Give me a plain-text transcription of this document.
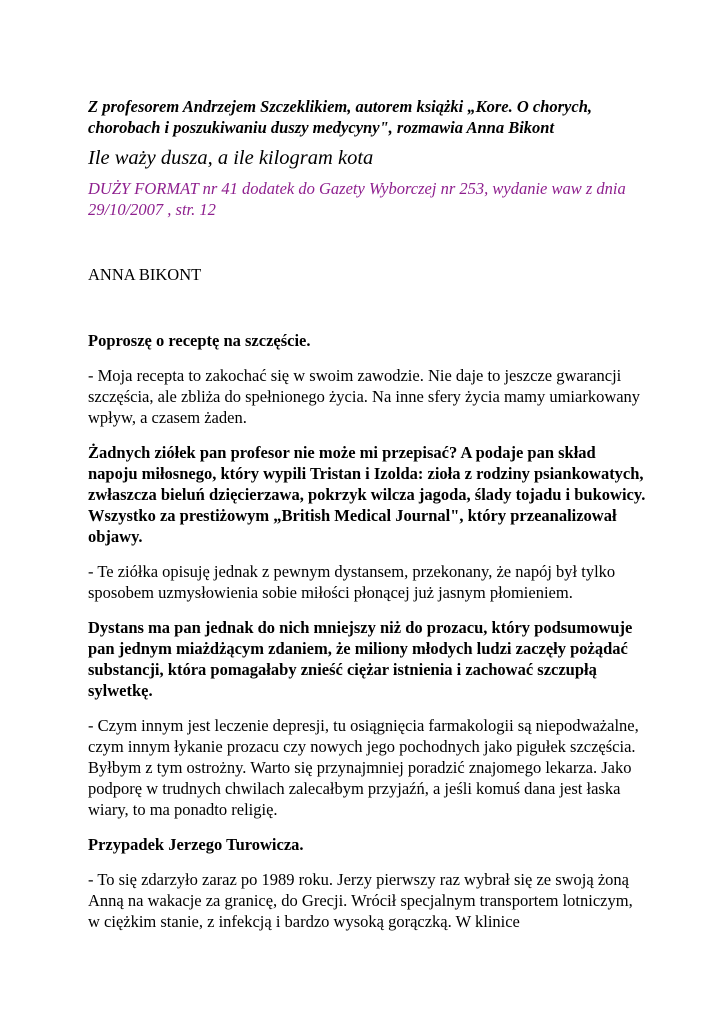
Z profesorem Andrzejem Szczeklikiem, autorem książki „Kore. O chorych, chorobach i poszukiwaniu duszy medycyny", rozmawia Anna Bikont

Ile waży dusza, a ile kilogram kota

DUŻY FORMAT nr 41 dodatek do Gazety Wyborczej nr 253, wydanie waw z dnia 29/10/2007 , str. 12

ANNA BIKONT

Poproszę o receptę na szczęście.

- Moja recepta to zakochać się w swoim zawodzie. Nie daje to jeszcze gwarancji szczęścia, ale zbliża do spełnionego życia. Na inne sfery życia mamy umiarkowany wpływ, a czasem żaden.

Żadnych ziółek pan profesor nie może mi przepisać? A podaje pan skład napoju miłosnego, który wypili Tristan i Izolda: zioła z rodziny psiankowatych, zwłaszcza bieluń dzięcierzawa, pokrzyk wilcza jagoda, ślady tojadu i bukowicy. Wszystko za prestiżowym „British Medical Journal", który przeanalizował objawy.

- Te ziółka opisuję jednak z pewnym dystansem, przekonany, że napój był tylko sposobem uzmysłowienia sobie miłości płonącej już jasnym płomieniem.

Dystans ma pan jednak do nich mniejszy niż do prozacu, który podsumowuje pan jednym miażdżącym zdaniem, że miliony młodych ludzi zaczęły pożądać substancji, która pomagałaby znieść ciężar istnienia i zachować szczupłą sylwetkę.

- Czym innym jest leczenie depresji, tu osiągnięcia farmakologii są niepodważalne, czym innym łykanie prozacu czy nowych jego pochodnych jako pigułek szczęścia. Byłbym z tym ostrożny. Warto się przynajmniej poradzić znajomego lekarza. Jako podporę w trudnych chwilach zalecałbym przyjaźń, a jeśli komuś dana jest łaska wiary, to ma ponadto religię.

Przypadek Jerzego Turowicza.

- To się zdarzyło zaraz po 1989 roku. Jerzy pierwszy raz wybrał się ze swoją żoną Anną na wakacje za granicę, do Grecji. Wrócił specjalnym transportem lotniczym, w ciężkim stanie, z infekcją i bardzo wysoką gorączką. W klinice
